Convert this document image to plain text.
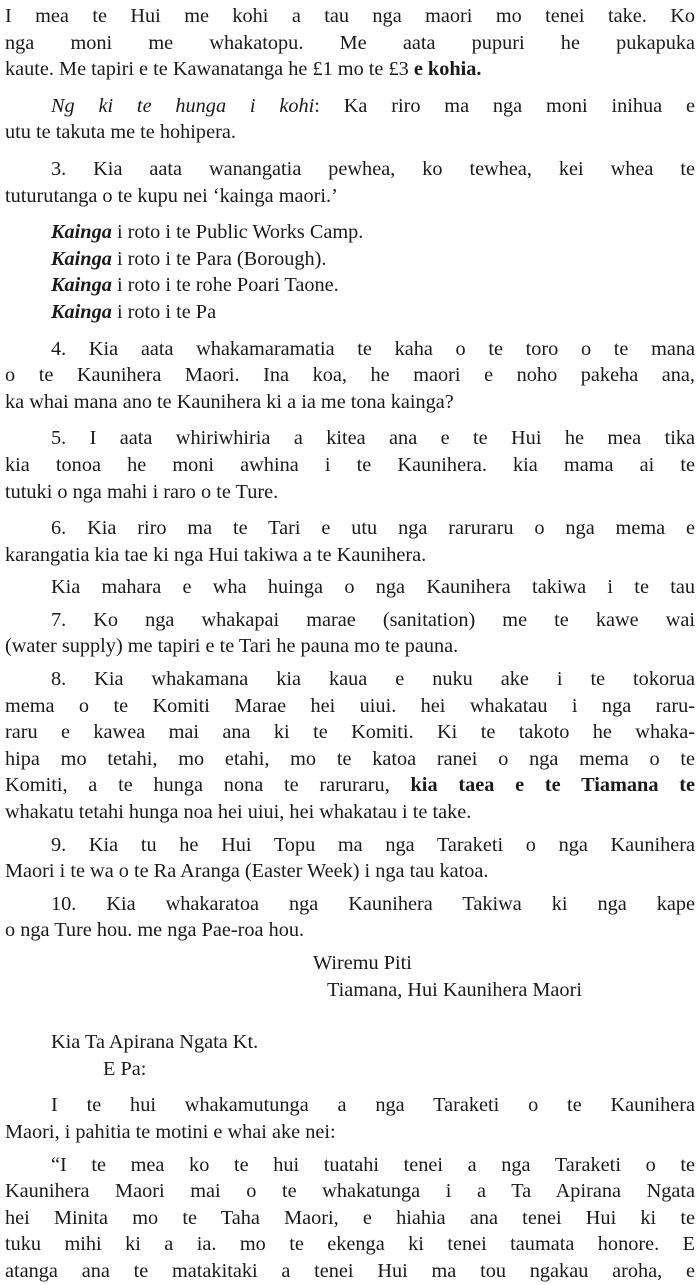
I mea te Hui me kohi a tau nga maori mo tenei take. Ko
nga moni me whakatopu. Me aata pupuri he pukapuka
kaute. Me tapiri e te Kawanatanga he £1 mo te £3 e kohia.
Ng ki te hunga i kohi: Ka riro ma nga moni inihua e
utu te takuta me te hohipera.
3. Kia aata wanangatia pewhea, ko tewhea, kei whea te
tuturutanga o te kupu nei ‘kainga maori.’
Kainga i roto i te Public Works Camp.
Kainga i roto i te Para (Borough).
Kainga i roto i te rohe Poari Taone.
Kainga i roto i te Pa
4. Kia aata whakamaramatia te kaha o te toro o te mana
o te Kaunihera Maori. Ina koa, he maori e noho pakeha ana,
ka whai mana ano te Kaunihera ki a ia me tona kainga?
5. I aata whiriwhiria a kitea ana e te Hui he mea tika
kia tonoa he moni awhina i te Kaunihera. kia mama ai te
tutuki o nga mahi i raro o te Ture.
6. Kia riro ma te Tari e utu nga raruraru o nga mema e
karangatia kia tae ki nga Hui takiwa a te Kaunihera.
Kia mahara e wha huinga o nga Kaunihera takiwa i te tau
7. Ko nga whakapai marae (sanitation) me te kawe wai
(water supply) me tapiri e te Tari he pauna mo te pauna.
8. Kia whakamana kia kaua e nuku ake i te tokorua
mema o te Komiti Marae hei uiui. hei whakatau i nga raru-
raru e kawea mai ana ki te Komiti. Ki te takoto he whaka-
hipa mo tetahi, mo etahi, mo te katoa ranei o nga mema o te
Komiti, a te hunga nona te raruraru, kia taea e te Tiamana te
whakatu tetahi hunga noa hei uiui, hei whakatau i te take.
9. Kia tu he Hui Topu ma nga Taraketi o nga Kaunihera
Maori i te wa o te Ra Aranga (Easter Week) i nga tau katoa.
10. Kia whakaratoa nga Kaunihera Takiwa ki nga kape
o nga Ture hou. me nga Pae-roa hou.
Wiremu Piti
Tiamana, Hui Kaunihera Maori
Kia Ta Apirana Ngata Kt.
E Pa:
I te hui whakamutunga a nga Taraketi o te Kaunihera
Maori, i pahitia te motini e whai ake nei:
“I te mea ko te hui tuatahi tenei a nga Taraketi o te
Kaunihera Maori mai o te whakatunga i a Ta Apirana Ngata
hei Minita mo te Taha Maori, e hiahia ana tenei Hui ki te
tuku mihi ki a ia. mo te ekenga ki tenei taumata honore. E
atanga ana te matakitaki a tenei Hui ma tou ngakau aroha, e
